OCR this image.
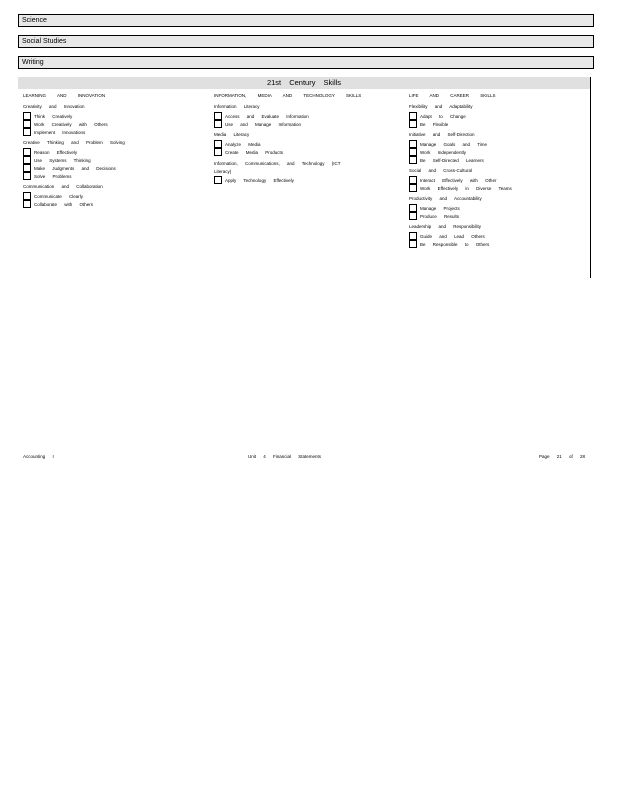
Science
Social Studies
Writing
21st Century Skills
LEARNING AND INNOVATION
Creativity and Innovation
Think Creatively
Work Creatively with Others
Implement Innovations
Creative Thinking and Problem Solving
Reason Effectively
Use Systems Thinking
Make Judgments and Decisions
Solve Problems
Communication and Collaboration
Communicate Clearly
Collaborate with Others
INFORMATION, MEDIA AND TECHNOLOGY SKILLS
Information Literacy
Access and Evaluate Information
Use and Manage Information
Media Literacy
Analyze Media
Create Media Products
Information, Communications, and Technology (ICT Literacy)
Apply Technology Effectively
LIFE AND CAREER SKILLS
Flexibility and Adaptability
Adapt to Change
Be Flexible
Initiative and Self-Direction
Manage Goals and Time
Work Independently
Be Self-Directed Learners
Social and Cross-Cultural
Interact Effectively with Other
Work Effectively in Diverse Teams
Productivity and Accountability
Manage Projects
Produce Results
Leadership and Responsibility
Guide and Lead Others
Be Responsible to Others
Accounting I	Unit 4 Financial Statements	Page 21 of 28
